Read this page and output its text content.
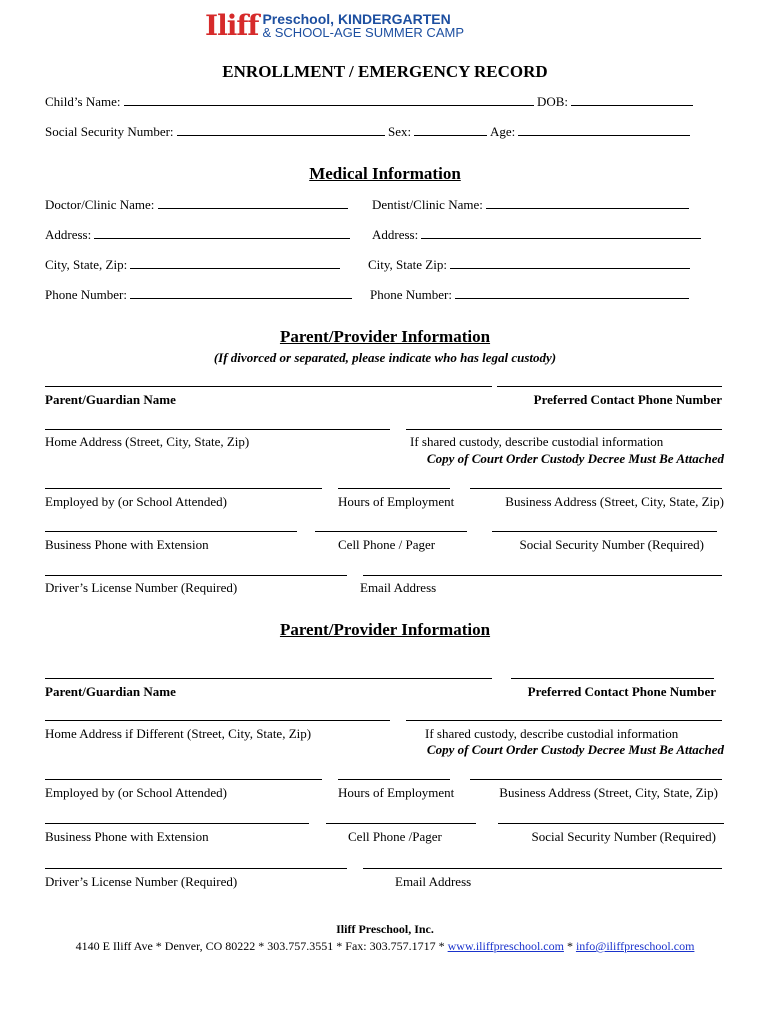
Iliff Preschool, KINDERGARTEN
& SCHOOL-AGE SUMMER CAMP
ENROLLMENT / EMERGENCY RECORD
Child’s Name:	DOB:
Social Security Number:	Sex:	Age:
Medical Information
Doctor/Clinic Name:	Dentist/Clinic Name:
Address:	Address:
City, State, Zip:	City, State Zip:
Phone Number:	Phone Number:
Parent/Provider Information
(If divorced or separated, please indicate who has legal custody)
Parent/Guardian Name	Preferred Contact Phone Number
Home Address (Street, City, State, Zip)	If shared custody, describe custodial information
Copy of Court Order Custody Decree Must Be Attached
Employed by (or School Attended)	Hours of Employment	Business Address (Street, City, State, Zip)
Business Phone with Extension	Cell Phone / Pager	Social Security Number (Required)
Driver’s License Number (Required)	Email Address
Parent/Provider Information
Parent/Guardian Name	Preferred Contact Phone Number
Home Address if Different (Street, City, State, Zip)	If shared custody, describe custodial information
Copy of Court Order Custody Decree Must Be Attached
Employed by (or School Attended)	Hours of Employment	Business Address (Street, City, State, Zip)
Business Phone with Extension	Cell Phone /Pager	Social Security Number (Required)
Driver’s License Number (Required)	Email Address
Iliff Preschool, Inc.
4140 E Iliff Ave * Denver, CO 80222 * 303.757.3551 * Fax: 303.757.1717 * www.iliffpreschool.com * info@iliffpreschool.com
